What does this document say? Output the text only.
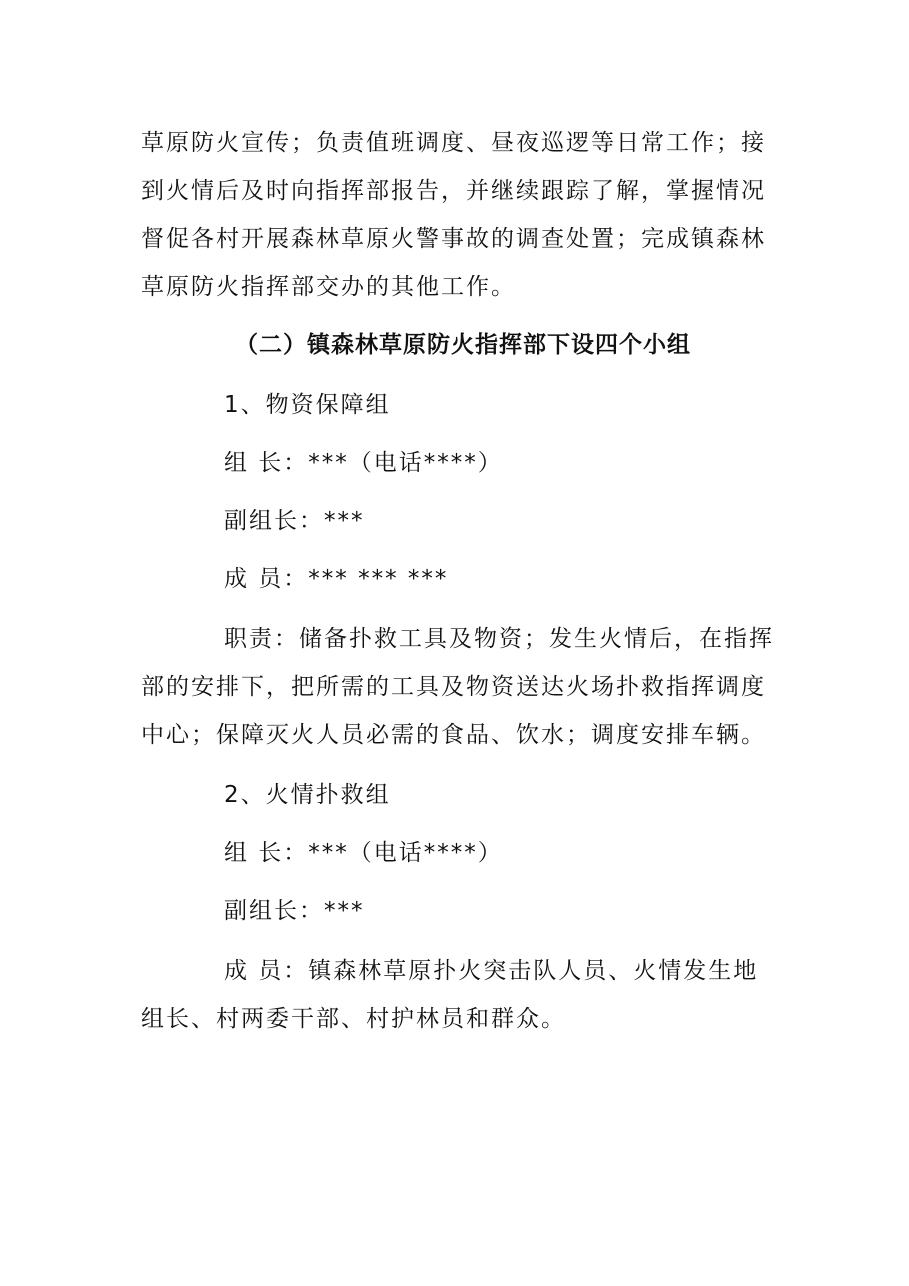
草原防火宣传；负责值班调度、昼夜巡逻等日常工作；接
到火情后及时向指挥部报告，并继续跟踪了解，掌握情况
督促各村开展森林草原火警事故的调查处置；完成镇森林
草原防火指挥部交办的其他工作。
（二）镇森林草原防火指挥部下设四个小组
1、物资保障组
组 长：***（电话****）
副组长：***
成 员：*** *** ***
职责：储备扑救工具及物资；发生火情后，在指挥
部的安排下，把所需的工具及物资送达火场扑救指挥调度
中心；保障灭火人员必需的食品、饮水；调度安排车辆。
2、火情扑救组
组 长：***（电话****）
副组长：***
成 员：镇森林草原扑火突击队人员、火情发生地
组长、村两委干部、村护林员和群众。
